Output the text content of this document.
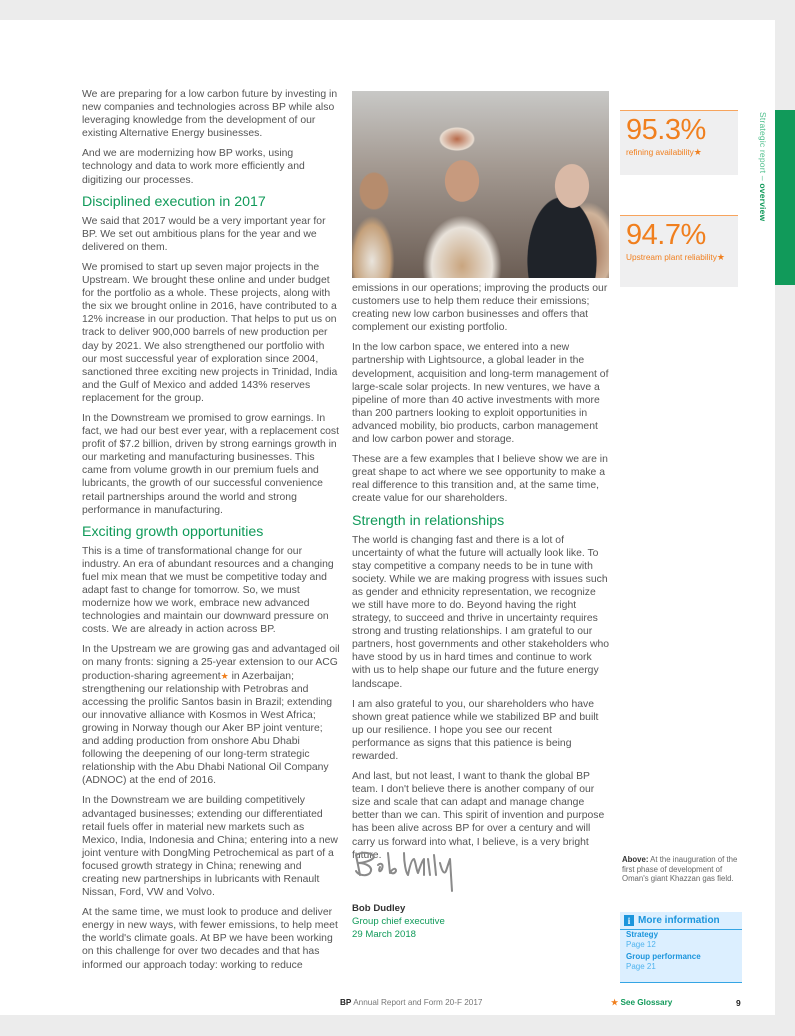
We are preparing for a low carbon future by investing in new companies and technologies across BP while also leveraging knowledge from the development of our existing Alternative Energy businesses.

And we are modernizing how BP works, using technology and data to work more efficiently and digitizing our processes.

Disciplined execution in 2017

We said that 2017 would be a very important year for BP. We set out ambitious plans for the year and we delivered on them.

We promised to start up seven major projects in the Upstream. We brought these online and under budget for the portfolio as a whole. These projects, along with the six we brought online in 2016, have contributed to a 12% increase in our production. That helps to put us on track to deliver 900,000 barrels of new production per day by 2021. We also strengthened our portfolio with our most successful year of exploration since 2004, sanctioned three exciting new projects in Trinidad, India and the Gulf of Mexico and added 143% reserves replacement for the group.

In the Downstream we promised to grow earnings. In fact, we had our best ever year, with a replacement cost profit of $7.2 billion, driven by strong earnings growth in our marketing and manufacturing businesses. This came from volume growth in our premium fuels and lubricants, the growth of our successful convenience retail partnerships around the world and strong performance in manufacturing.

Exciting growth opportunities

This is a time of transformational change for our industry. An era of abundant resources and a changing fuel mix mean that we must be competitive today and adapt fast to change for tomorrow. So, we must modernize how we work, embrace new advanced technologies and maintain our downward pressure on costs. We are already in action across BP.

In the Upstream we are growing gas and advantaged oil on many fronts: signing a 25-year extension to our ACG production-sharing agreement★ in Azerbaijan; strengthening our relationship with Petrobras and accessing the prolific Santos basin in Brazil; extending our innovative alliance with Kosmos in West Africa; growing in Norway though our Aker BP joint venture; and adding production from onshore Abu Dhabi following the deepening of our long-term strategic relationship with the Abu Dhabi National Oil Company (ADNOC) at the end of 2016.

In the Downstream we are building competitively advantaged businesses; extending our differentiated retail fuels offer in material new markets such as Mexico, India, Indonesia and China; entering into a new joint venture with DongMing Petrochemical as part of a focused growth strategy in China; renewing and creating new partnerships in lubricants with Renault Nissan, Ford, VW and Volvo.

At the same time, we must look to produce and deliver energy in new ways, with fewer emissions, to help meet the world's climate goals. At BP we have been working on this challenge for over two decades and that has informed our approach today: working to reduce

emissions in our operations; improving the products our customers use to help them reduce their emissions; creating new low carbon businesses and offers that complement our existing portfolio.

In the low carbon space, we entered into a new partnership with Lightsource, a global leader in the development, acquisition and long-term management of large-scale solar projects. In new ventures, we have a pipeline of more than 40 active investments with more than 200 partners looking to exploit opportunities in advanced mobility, bio products, carbon management and low carbon power and storage.

These are a few examples that I believe show we are in great shape to act where we see opportunity to make a real difference to this transition and, at the same time, create value for our shareholders.

Strength in relationships

The world is changing fast and there is a lot of uncertainty of what the future will actually look like. To stay competitive a company needs to be in tune with society. While we are making progress with issues such as gender and ethnicity representation, we recognize we still have more to do. Beyond having the right strategy, to succeed and thrive in uncertainty requires strong and trusting relationships. I am grateful to our partners, host governments and other stakeholders who have stood by us in hard times and continue to work with us to help shape our future and the future energy landscape.

I am also grateful to you, our shareholders who have shown great patience while we stabilized BP and built up our resilience. I hope you see our recent performance as signs that this patience is being rewarded.

And last, but not least, I want to thank the global BP team. I don't believe there is another company of our size and scale that can adapt and manage change better than we can. This spirit of invention and purpose has been alive across BP for over a century and will carry us forward into what, I believe, is a very bright future.

Bob Dudley
Group chief executive
29 March 2018
95.3%
refining availability★
94.7%
Upstream plant reliability★
Strategic report – overview
Above: At the inauguration of the first phase of development of Oman's giant Khazzan gas field.
i More information
Strategy
Page 12
Group performance
Page 21
BP Annual Report and Form 20-F 2017	★ See Glossary	9
